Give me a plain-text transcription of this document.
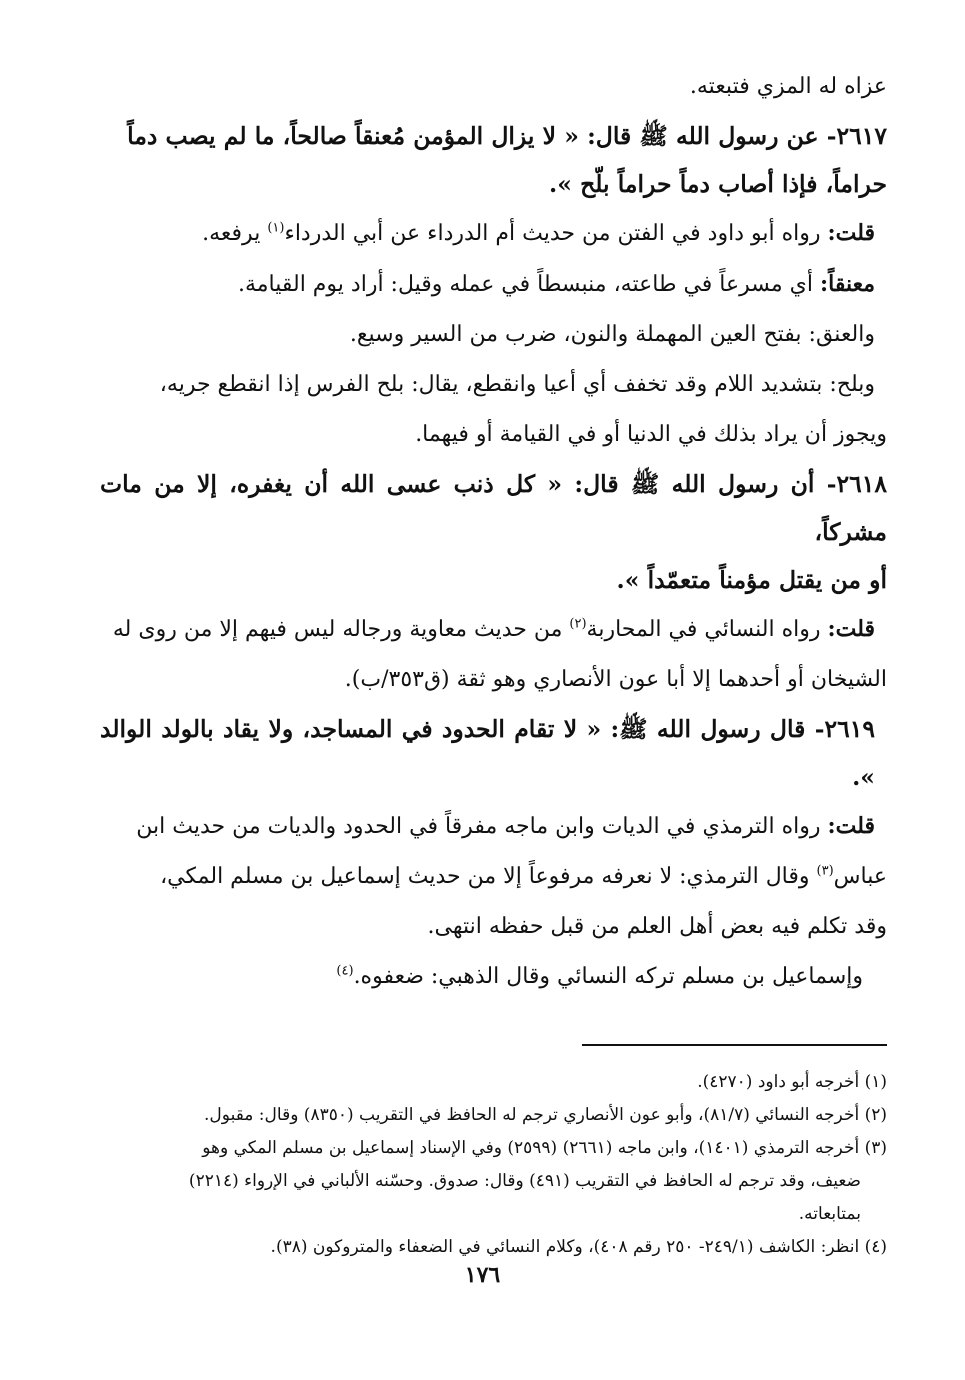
عزاه له المزي فتبعته.

٢٦١٧- عن رسول الله ﷺ قال: « لا يزال المؤمن مُعنقاً صالحاً، ما لم يصب دماً

حراماً، فإذا أصاب دماً حراماً بلّح ».

قلت: رواه أبو داود في الفتن من حديث أم الدرداء عن أبي الدرداء$^{(١)}$ يرفعه.

معنقاً: أي مسرعاً في طاعته، منبسطاً في عمله وقيل: أراد يوم القيامة.

والعنق: بفتح العين المهملة والنون، ضرب من السير وسيع.

وبلح: بتشديد اللام وقد تخفف أي أعيا وانقطع، يقال: بلح الفرس إذا انقطع جريه،

ويجوز أن يراد بذلك في الدنيا أو في القيامة أو فيهما.

٢٦١٨- أن رسول الله ﷺ قال: « كل ذنب عسى الله أن يغفره، إلا من مات مشركاً،

أو من يقتل مؤمناً متعمّداً ».

قلت: رواه النسائي في المحاربة$^{(٢)}$ من حديث معاوية ورجاله ليس فيهم إلا من روى له

الشيخان أو أحدهما إلا أبا عون الأنصاري وهو ثقة (ق٣٥٣/ب).

٢٦١٩- قال رسول الله ﷺ: « لا تقام الحدود في المساجد، ولا يقاد بالولد الوالد ».

قلت: رواه الترمذي في الديات وابن ماجه مفرقاً في الحدود والديات من حديث ابن

عباس$^{(٣)}$ وقال الترمذي: لا نعرفه مرفوعاً إلا من حديث إسماعيل بن مسلم المكي،

وقد تكلم فيه بعض أهل العلم من قبل حفظه انتهى.

وإسماعيل بن مسلم تركه النسائي وقال الذهبي: ضعفوه.$^{(٤)}$

(١) أخرجه أبو داود (٤٢٧٠).

(٢) أخرجه النسائي (٨١/٧)، وأبو عون الأنصاري ترجم له الحافظ في التقريب (٨٣٥٠) وقال: مقبول.

(٣) أخرجه الترمذي (١٤٠١)، وابن ماجه (٢٦٦١) (٢٥٩٩) وفي الإسناد إسماعيل بن مسلم المكي وهو

ضعيف، وقد ترجم له الحافظ في التقريب (٤٩١) وقال: صدوق. وحسّنه الألباني في الإرواء (٢٢١٤)

بمتابعاته.

(٤) انظر: الكاشف (٢٤٩/١- ٢٥٠ رقم ٤٠٨)، وكلام النسائي في الضعفاء والمتروكون (٣٨).

١٧٦
